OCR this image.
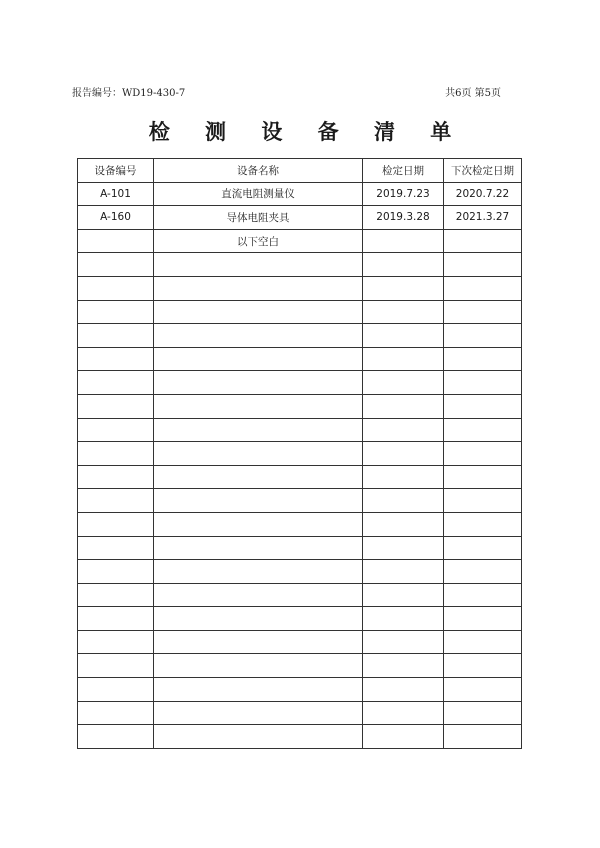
报告编号：WD19-430-7	共6页 第5页
检 测 设 备 清 单
设备编号	设备名称	检定日期	下次检定日期
A-101	直流电阻测量仪	2019.7.23	2020.7.22
A-160	导体电阻夹具	2019.3.28	2021.3.27
	以下空白		
